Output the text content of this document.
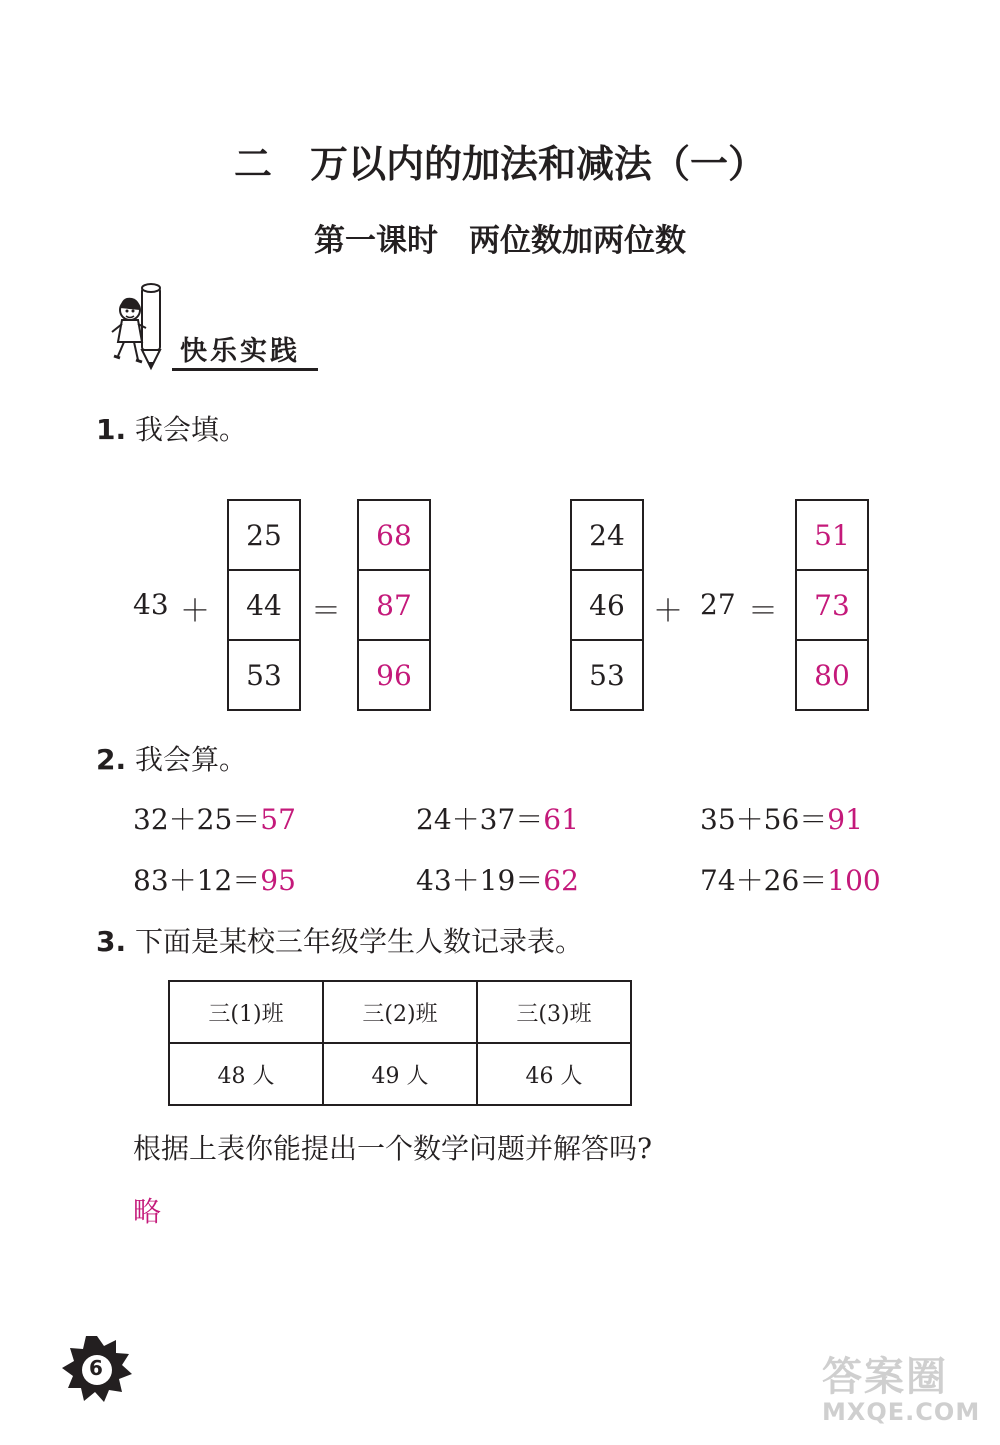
二　万以内的加法和减法（一）
第一课时　两位数加两位数
快乐实践
1. 我会填。
43 ＋
25
44
53
＝
68
87
96
24
46
53
＋ 27 ＝
51
73
80
2. 我会算。
32＋25＝57	24＋37＝61	35＋56＝91
83＋12＝95	43＋19＝62	74＋26＝100
3. 下面是某校三年级学生人数记录表。
三(1)班	三(2)班	三(3)班
48 人	49 人	46 人
根据上表你能提出一个数学问题并解答吗?
略
6	答案圈
MXQE.COM
